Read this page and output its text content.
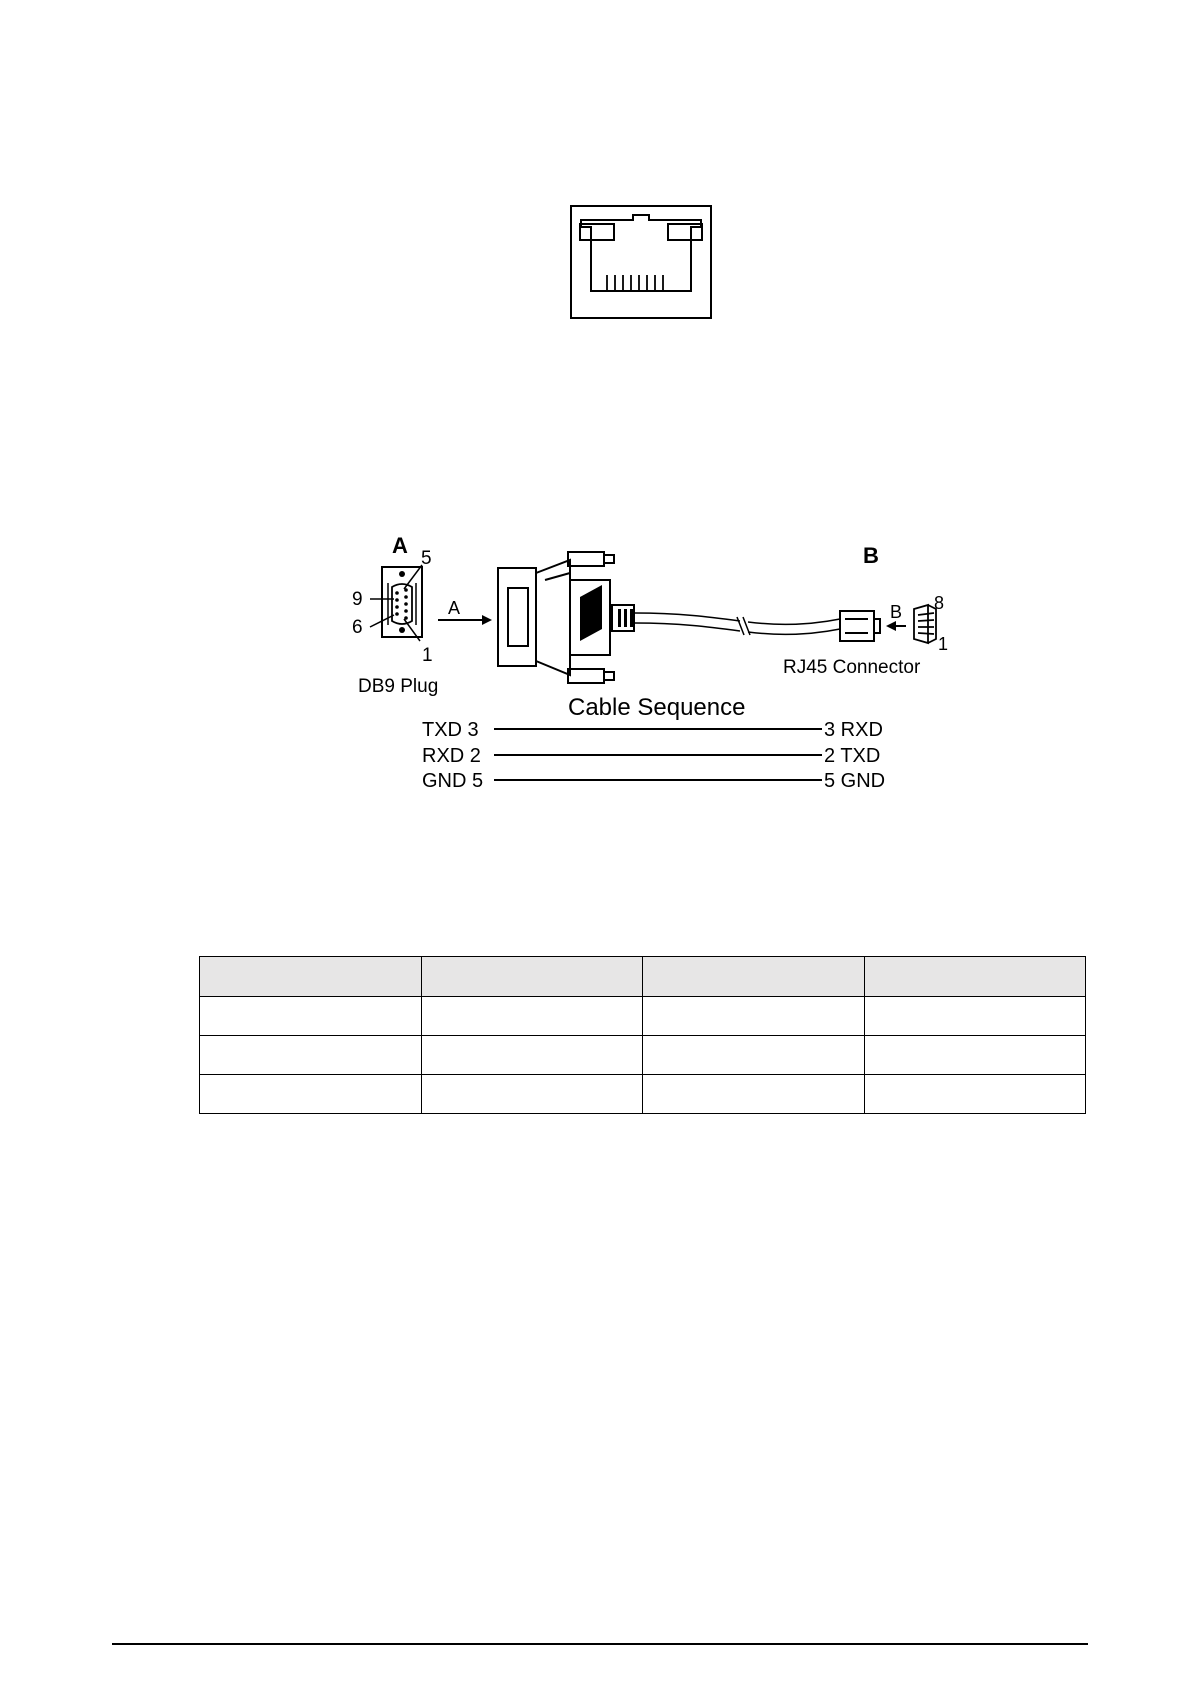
A
5
9
6
1
DB9 Plug
A
B
B 8
1
RJ45 Connector
Cable Sequence
TXD 3	3 RXD
RXD 2	2 TXD
GND 5	5 GND
